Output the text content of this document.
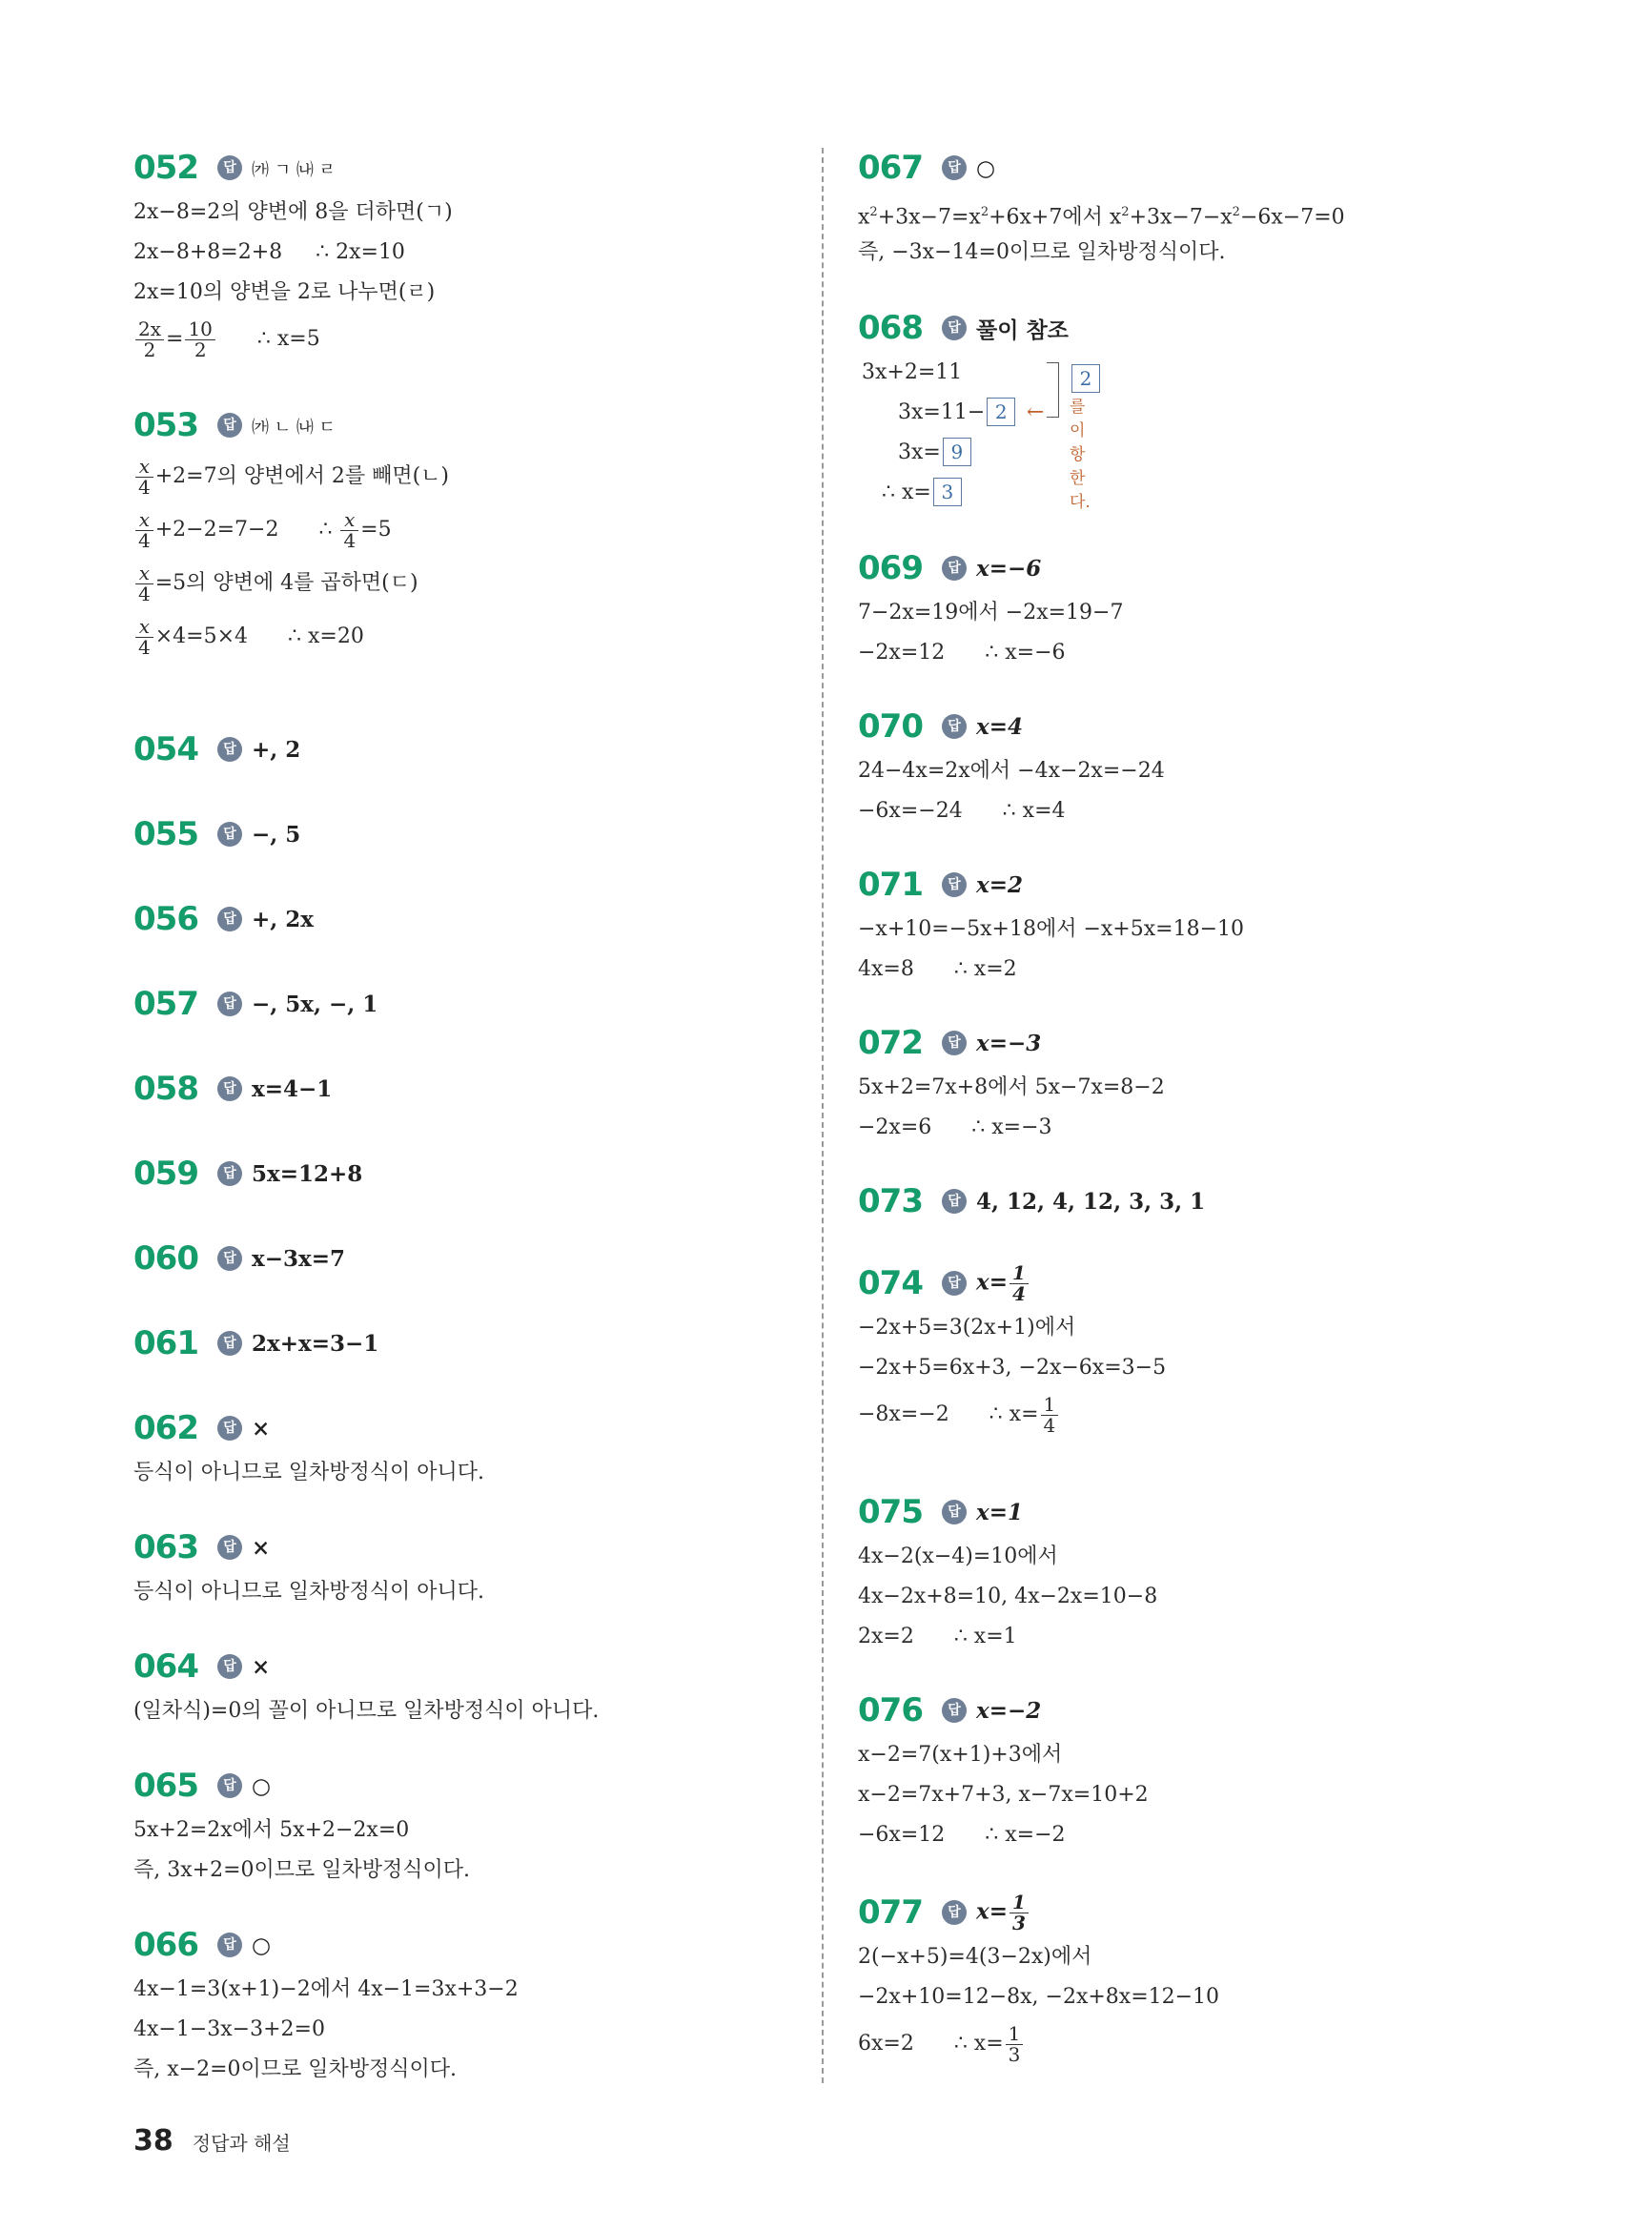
052	답 ㈎ ㄱ ㈏ ㄹ
2x−8=2의 양변에 8을 더하면(ㄱ)
2x−8+8=2+8 ∴ 2x=10
2x=10의 양변을 2로 나누면(ㄹ)
$\frac{2x}{2} = \frac{10}{2}$ ∴ x=5
053	답 ㈎ ㄴ ㈏ ㄷ
$\frac{x}{4} +2=7$의 양변에서 2를 빼면(ㄴ)
$\frac{x}{4} +2-2=7-2$ ∴ $\frac{x}{4} =5$
$\frac{x}{4} =5$의 양변에 4를 곱하면(ㄷ)
$\frac{x}{4} \times 4=5\times 4$ ∴ x=20
054	답 +, 2
055	답 −, 5
056	답 +, 2x
057	답 −, 5x, −, 1
058	답 x=4−1
059	답 5x=12+8
060	답 x−3x=7
061	답 2x+x=3−1
062	답 ×
등식이 아니므로 일차방정식이 아니다.
063	답 ×
등식이 아니므로 일차방정식이 아니다.
064	답 ×
(일차식)=0의 꼴이 아니므로 일차방정식이 아니다.
065	답 ○
5x+2=2x에서 5x+2−2x=0
즉, 3x+2=0이므로 일차방정식이다.
066	답 ○
4x−1=3(x+1)−2에서 4x−1=3x+3−2
4x−1−3x−3+2=0
즉, x−2=0이므로 일차방정식이다.
067	답 ○
$x^2+3x-7=x^2+6x+7$에서 $x^2+3x-7-x^2-6x-7=0$
즉, −3x−14=0이므로 일차방정식이다.
068	답 풀이 참조
3x+2=11
3x=11− 2 ←
3x= 9
∴ x= 3
2를 이항한다.
069	답 x=−6
7−2x=19에서 −2x=19−7
−2x=12 ∴ x=−6
070	답 x=4
24−4x=2x에서 −4x−2x=−24
−6x=−24 ∴ x=4
071	답 x=2
−x+10=−5x+18에서 −x+5x=18−10
4x=8 ∴ x=2
072	답 x=−3
5x+2=7x+8에서 5x−7x=8−2
−2x=6 ∴ x=−3
073	답 4, 12, 4, 12, 3, 3, 1
074	답 $x= \frac{1}{4}$
−2x+5=3(2x+1)에서
−2x+5=6x+3, −2x−6x=3−5
−8x=−2 ∴ $x= \frac{1}{4}$
075	답 x=1
4x−2(x−4)=10에서
4x−2x+8=10, 4x−2x=10−8
2x=2 ∴ x=1
076	답 x=−2
x−2=7(x+1)+3에서
x−2=7x+7+3, x−7x=10+2
−6x=12 ∴ x=−2
077	답 $x= \frac{1}{3}$
2(−x+5)=4(3−2x)에서
−2x+10=12−8x, −2x+8x=12−10
6x=2 ∴ $x= \frac{1}{3}$
38 정답과 해설
